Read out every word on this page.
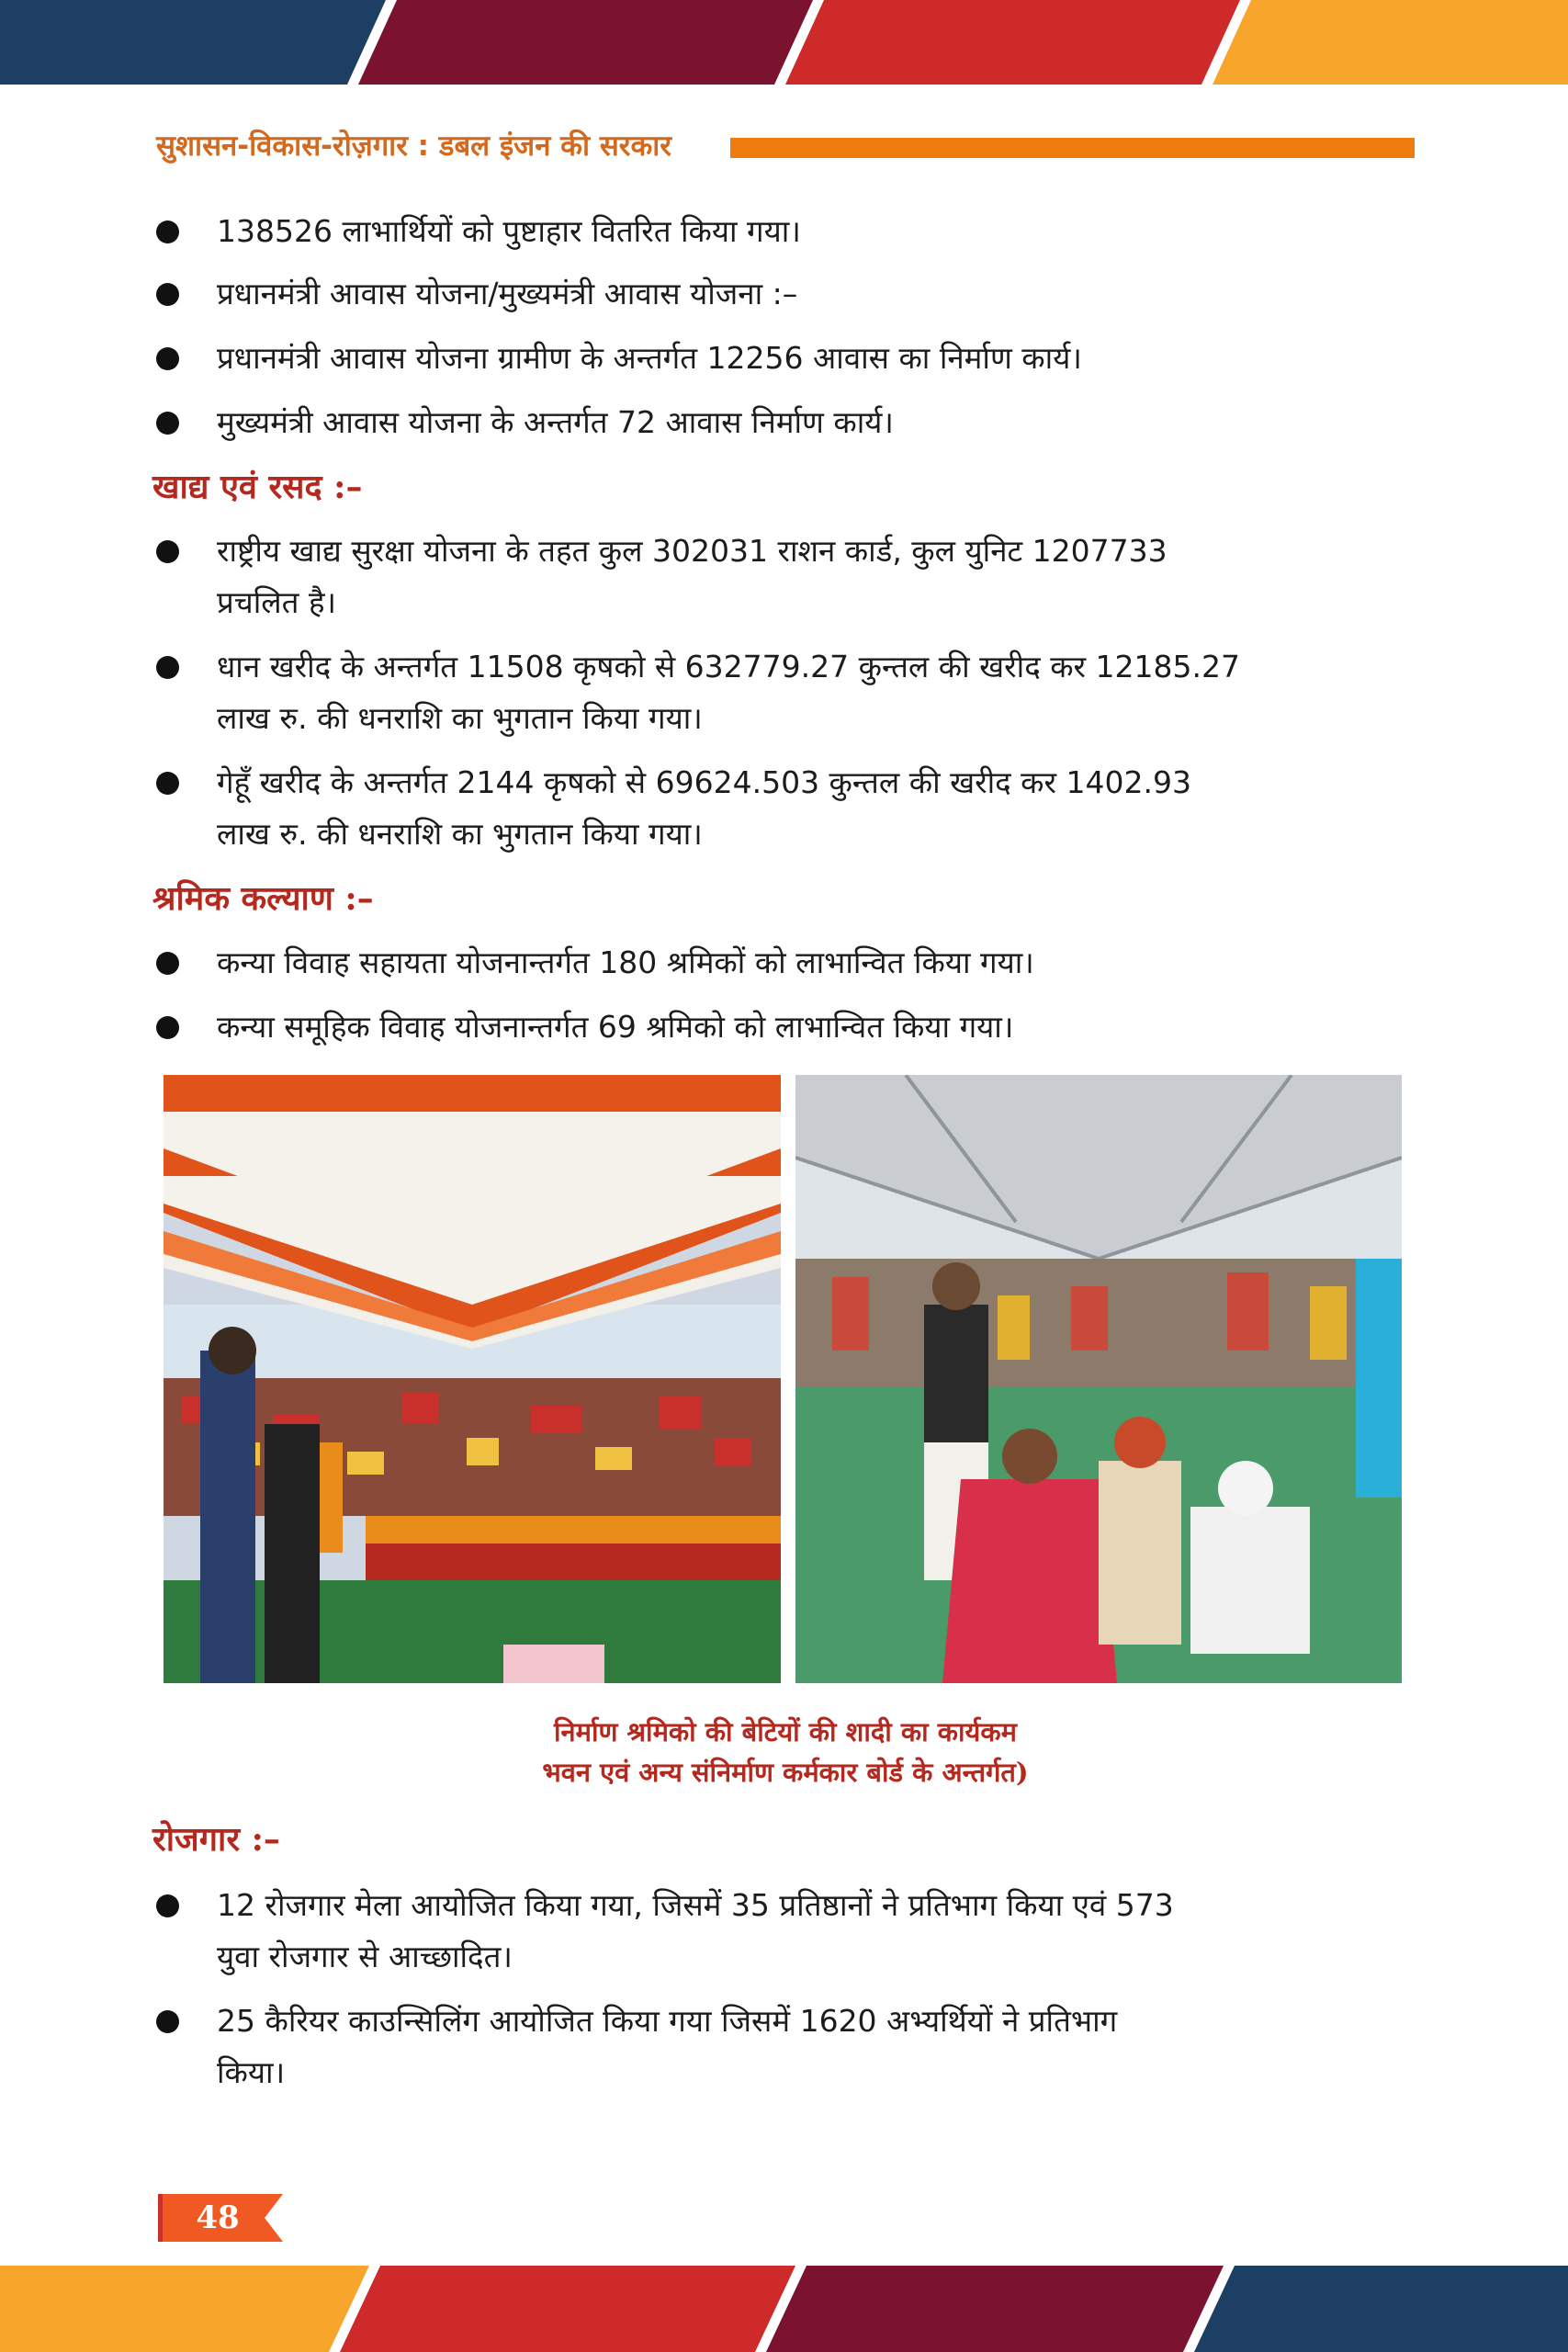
सुशासन-विकास-रोज़गार : डबल इंजन की सरकार
138526 लाभार्थियों को पुष्टाहार वितरित किया गया।
प्रधानमंत्री आवास योजना/मुख्यमंत्री आवास योजना :–
प्रधानमंत्री आवास योजना ग्रामीण के अन्तर्गत 12256 आवास का निर्माण कार्य।
मुख्यमंत्री आवास योजना के अन्तर्गत 72 आवास निर्माण कार्य।
खाद्य एवं रसद :–
राष्ट्रीय खाद्य सुरक्षा योजना के तहत कुल 302031 राशन कार्ड, कुल युनिट 1207733
प्रचलित है।
धान खरीद के अन्तर्गत 11508 कृषको से 632779.27 कुन्तल की खरीद कर 12185.27
लाख रु. की धनराशि का भुगतान किया गया।
गेहूँ खरीद के अन्तर्गत 2144 कृषको से 69624.503 कुन्तल की खरीद कर 1402.93
लाख रु. की धनराशि का भुगतान किया गया।
श्रमिक कल्याण :–
कन्या विवाह सहायता योजनान्तर्गत 180 श्रमिकों को लाभान्वित किया गया।
कन्या समूहिक विवाह योजनान्तर्गत 69 श्रमिको को लाभान्वित किया गया।
निर्माण श्रमिको की बेटियों की शादी का कार्यकम
भवन एवं अन्य संनिर्माण कर्मकार बोर्ड के अन्तर्गत)
रोजगार :–
12 रोजगार मेला आयोजित किया गया, जिसमें 35 प्रतिष्ठानों ने प्रतिभाग किया एवं 573
युवा रोजगार से आच्छादित।
25 कैरियर काउन्सिलिंग आयोजित किया गया जिसमें 1620 अभ्यर्थियों ने प्रतिभाग
किया।
48
